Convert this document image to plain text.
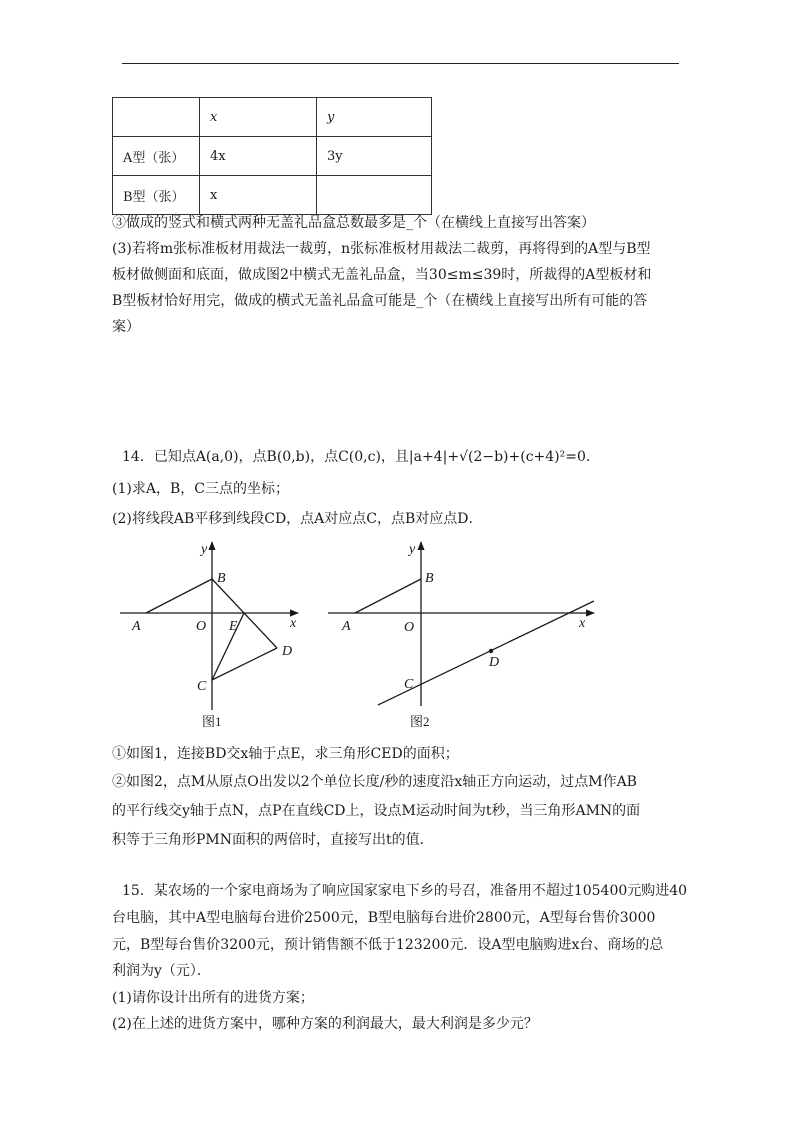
	x	y
A型（张）	4x	3y
B型（张）	x	
③做成的竖式和横式两种无盖礼品盒总数最多是_个（在横线上直接写出答案）
(3)若将m张标准板材用裁法一裁剪，n张标准板材用裁法二裁剪，再将得到的A型与B型
板材做侧面和底面，做成图2中横式无盖礼品盒，当30≤m≤39时，所裁得的A型板材和
B型板材恰好用完，做成的横式无盖礼品盒可能是_个（在横线上直接写出所有可能的答
案）
14．已知点A(a,0)，点B(0,b)，点C(0,c)，且|a+4|+√(2−b)+(c+4)²=0．
(1)求A，B，C三点的坐标；
(2)将线段AB平移到线段CD，点A对应点C，点B对应点D．
y
B
x
A	O E
D
C
图1
y
B
x
A	O
D
C
图2
①如图1，连接BD交x轴于点E，求三角形CED的面积；
②如图2，点M从原点O出发以2个单位长度/秒的速度沿x轴正方向运动，过点M作AB
的平行线交y轴于点N，点P在直线CD上，设点M运动时间为t秒，当三角形AMN的面
积等于三角形PMN面积的两倍时，直接写出t的值．
15．某农场的一个家电商场为了响应国家家电下乡的号召，准备用不超过105400元购进40
台电脑，其中A型电脑每台进价2500元，B型电脑每台进价2800元，A型每台售价3000
元，B型每台售价3200元，预计销售额不低于123200元．设A型电脑购进x台、商场的总
利润为y（元）．
(1)请你设计出所有的进货方案；
(2)在上述的进货方案中，哪种方案的利润最大，最大利润是多少元？
